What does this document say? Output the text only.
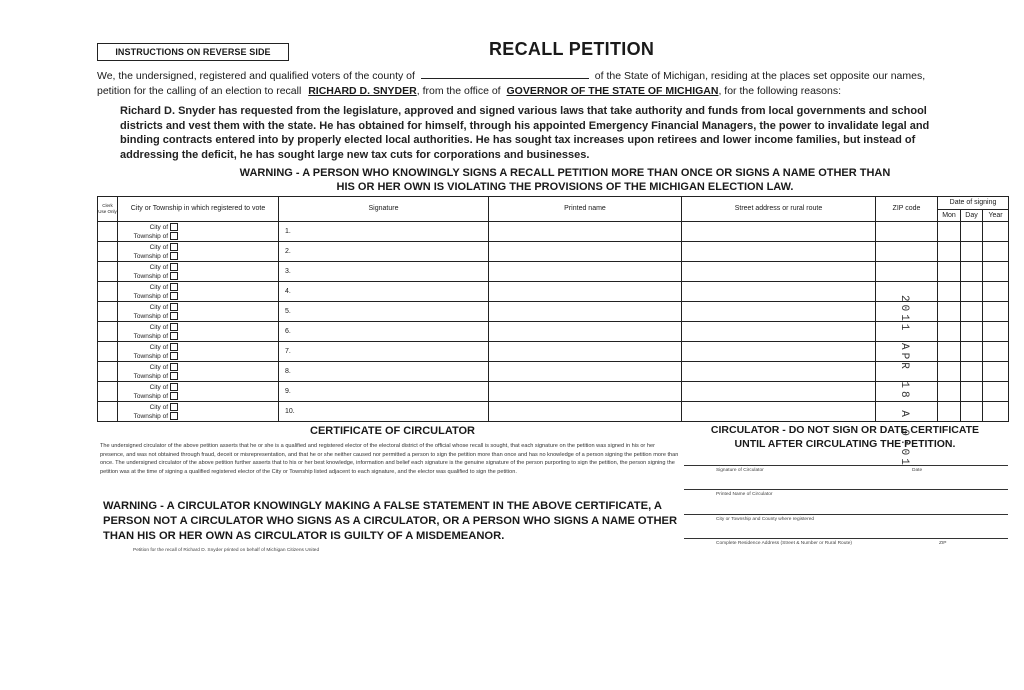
INSTRUCTIONS ON REVERSE SIDE	RECALL PETITION
We, the undersigned, registered and qualified voters of the county of	of the State of Michigan, residing at the places set opposite our names,
petition for the calling of an election to recall RICHARD D. SNYDER, from the office of GOVERNOR OF THE STATE OF MICHIGAN, for the following reasons:
Richard D. Snyder has requested from the legislature, approved and signed various laws that take authority and funds from local governments and school districts and vest them with the state. He has obtained for himself, through his appointed Emergency Financial Managers, the power to invalidate legal and binding contracts entered into by properly elected local authorities. He has sought tax increases upon retirees and lower income families, but instead of addressing the deficit, he has sought large new tax cuts for corporations and businesses.
WARNING - A PERSON WHO KNOWINGLY SIGNS A RECALL PETITION MORE THAN ONCE OR SIGNS A NAME OTHER THAN
HIS OR HER OWN IS VIOLATING THE PROVISIONS OF THE MICHIGAN ELECTION LAW.
Clerk Use Only	City or Township in which registered to vote	Signature	Printed name	Street address or rural route	ZIP code	Date of signing		
						Mon	Day	Year

	City of
Township of	1.						

	City of
Township of	2.						

	City of
Township of	3.						

	City of
Township of	4.						

	City of
Township of	5.						

	City of
Township of	6.						

	City of
Township of	7.						

	City of
Township of	8.						

	City of
Township of	9.						

	City of
Township of	10.							2011 APR 18 A 9:01
CERTIFICATE OF CIRCULATOR
The undersigned circulator of the above petition asserts that he or she is a qualified and registered elector of the electoral district of the official whose recall is sought, that each signature on the petition was signed in his or her presence, and was not obtained through fraud, deceit or misrepresentation, and that he or she neither caused nor permitted a person to sign the petition more than once and has no knowledge of a person signing the petition more than once. The undersigned circulator of the above petition further asserts that to his or her best knowledge, information and belief each signature is the genuine signature of the person purporting to sign the petition, the person signing the petition was at the time of signing a qualified registered elector of the City or Township listed adjacent to each signature, and the elector was qualified to sign the petition.
WARNING - A CIRCULATOR KNOWINGLY MAKING A FALSE STATEMENT IN THE ABOVE CERTIFICATE, A PERSON NOT A CIRCULATOR WHO SIGNS AS A CIRCULATOR, OR A PERSON WHO SIGNS A NAME OTHER THAN HIS OR HER OWN AS CIRCULATOR IS GUILTY OF A MISDEMEANOR.
Petition for the recall of Richard D. Snyder printed on behalf of Michigan Citizens United
CIRCULATOR - DO NOT SIGN OR DATE CERTIFICATE
UNTIL AFTER CIRCULATING THE PETITION.
Signature of Circulator	Date
Printed Name of Circulator
City or Township and County where registered
Complete Residence Address (Street & Number or Rural Route)	ZIP
